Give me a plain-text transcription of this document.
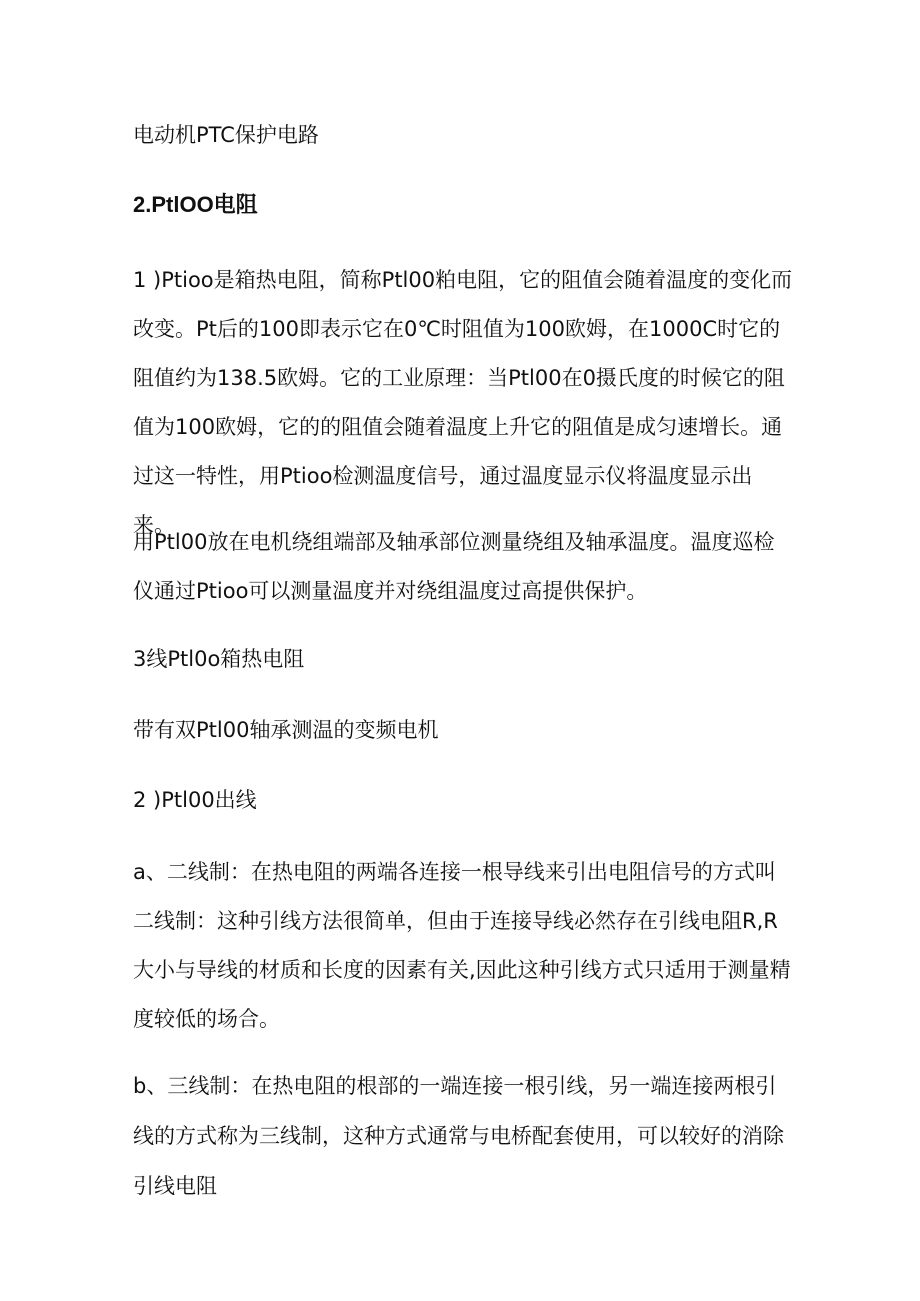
电动机PTC保护电路

2.PtlOO电阻

1 )Ptioo是箱热电阻，简称Ptl00粕电阻，它的阻值会随着温度的变化而改变。Pt后的100即表示它在0℃时阻值为100欧姆，在1000C时它的阻值约为138.5欧姆。它的工业原理：当Ptl00在0摄氏度的时候它的阻值为100欧姆，它的的阻值会随着温度上升它的阻值是成匀速增长。通过这一特性，用Ptioo检测温度信号，通过温度显示仪将温度显示出来。

用Ptl00放在电机绕组端部及轴承部位测量绕组及轴承温度。温度巡检仪通过Ptioo可以测量温度并对绕组温度过高提供保护。

3线Ptl0o箱热电阻

带有双Ptl00轴承测温的变频电机

2 )Ptl00出线

a、二线制：在热电阻的两端各连接一根导线来引出电阻信号的方式叫二线制：这种引线方法很简单，但由于连接导线必然存在引线电阻R,R大小与导线的材质和长度的因素有关,因此这种引线方式只适用于测量精度较低的场合。

b、三线制：在热电阻的根部的一端连接一根引线，另一端连接两根引线的方式称为三线制，这种方式通常与电桥配套使用，可以较好的消除引线电阻
